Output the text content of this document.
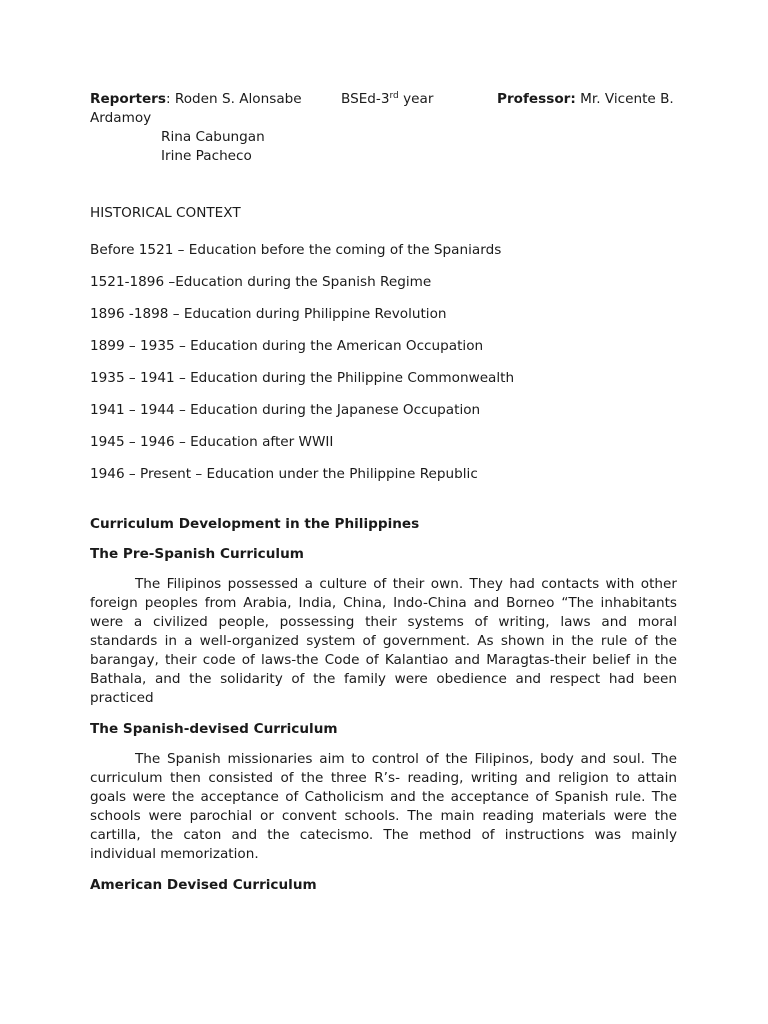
Reporters: Roden S. Alonsabe	BSEd-3rd year	Professor: Mr. Vicente B.
Ardamoy
Rina Cabungan
Irine Pacheco
HISTORICAL CONTEXT
Before 1521 – Education before the coming of the Spaniards
1521-1896 –Education during the Spanish Regime
1896 -1898 – Education during Philippine Revolution
1899 – 1935 – Education during the American Occupation
1935 – 1941 – Education during the Philippine Commonwealth
1941 – 1944 – Education during the Japanese Occupation
1945 – 1946 – Education after WWII
1946 – Present – Education under the Philippine Republic
Curriculum Development in the Philippines
The Pre-Spanish Curriculum

The Filipinos possessed a culture of their own. They had contacts with other foreign peoples from Arabia, India, China, Indo-China and Borneo “The inhabitants were a civilized people, possessing their systems of writing, laws and moral standards in a well-organized system of government. As shown in the rule of the barangay, their code of laws-the Code of Kalantiao and Maragtas-their belief in the Bathala, and the solidarity of the family were obedience and respect had been practiced

The Spanish-devised Curriculum

The Spanish missionaries aim to control of the Filipinos, body and soul. The curriculum then consisted of the three R’s- reading, writing and religion to attain goals were the acceptance of Catholicism and the acceptance of Spanish rule. The schools were parochial or convent schools. The main reading materials were the cartilla, the caton and the catecismo. The method of instructions was mainly individual memorization.

American Devised Curriculum
